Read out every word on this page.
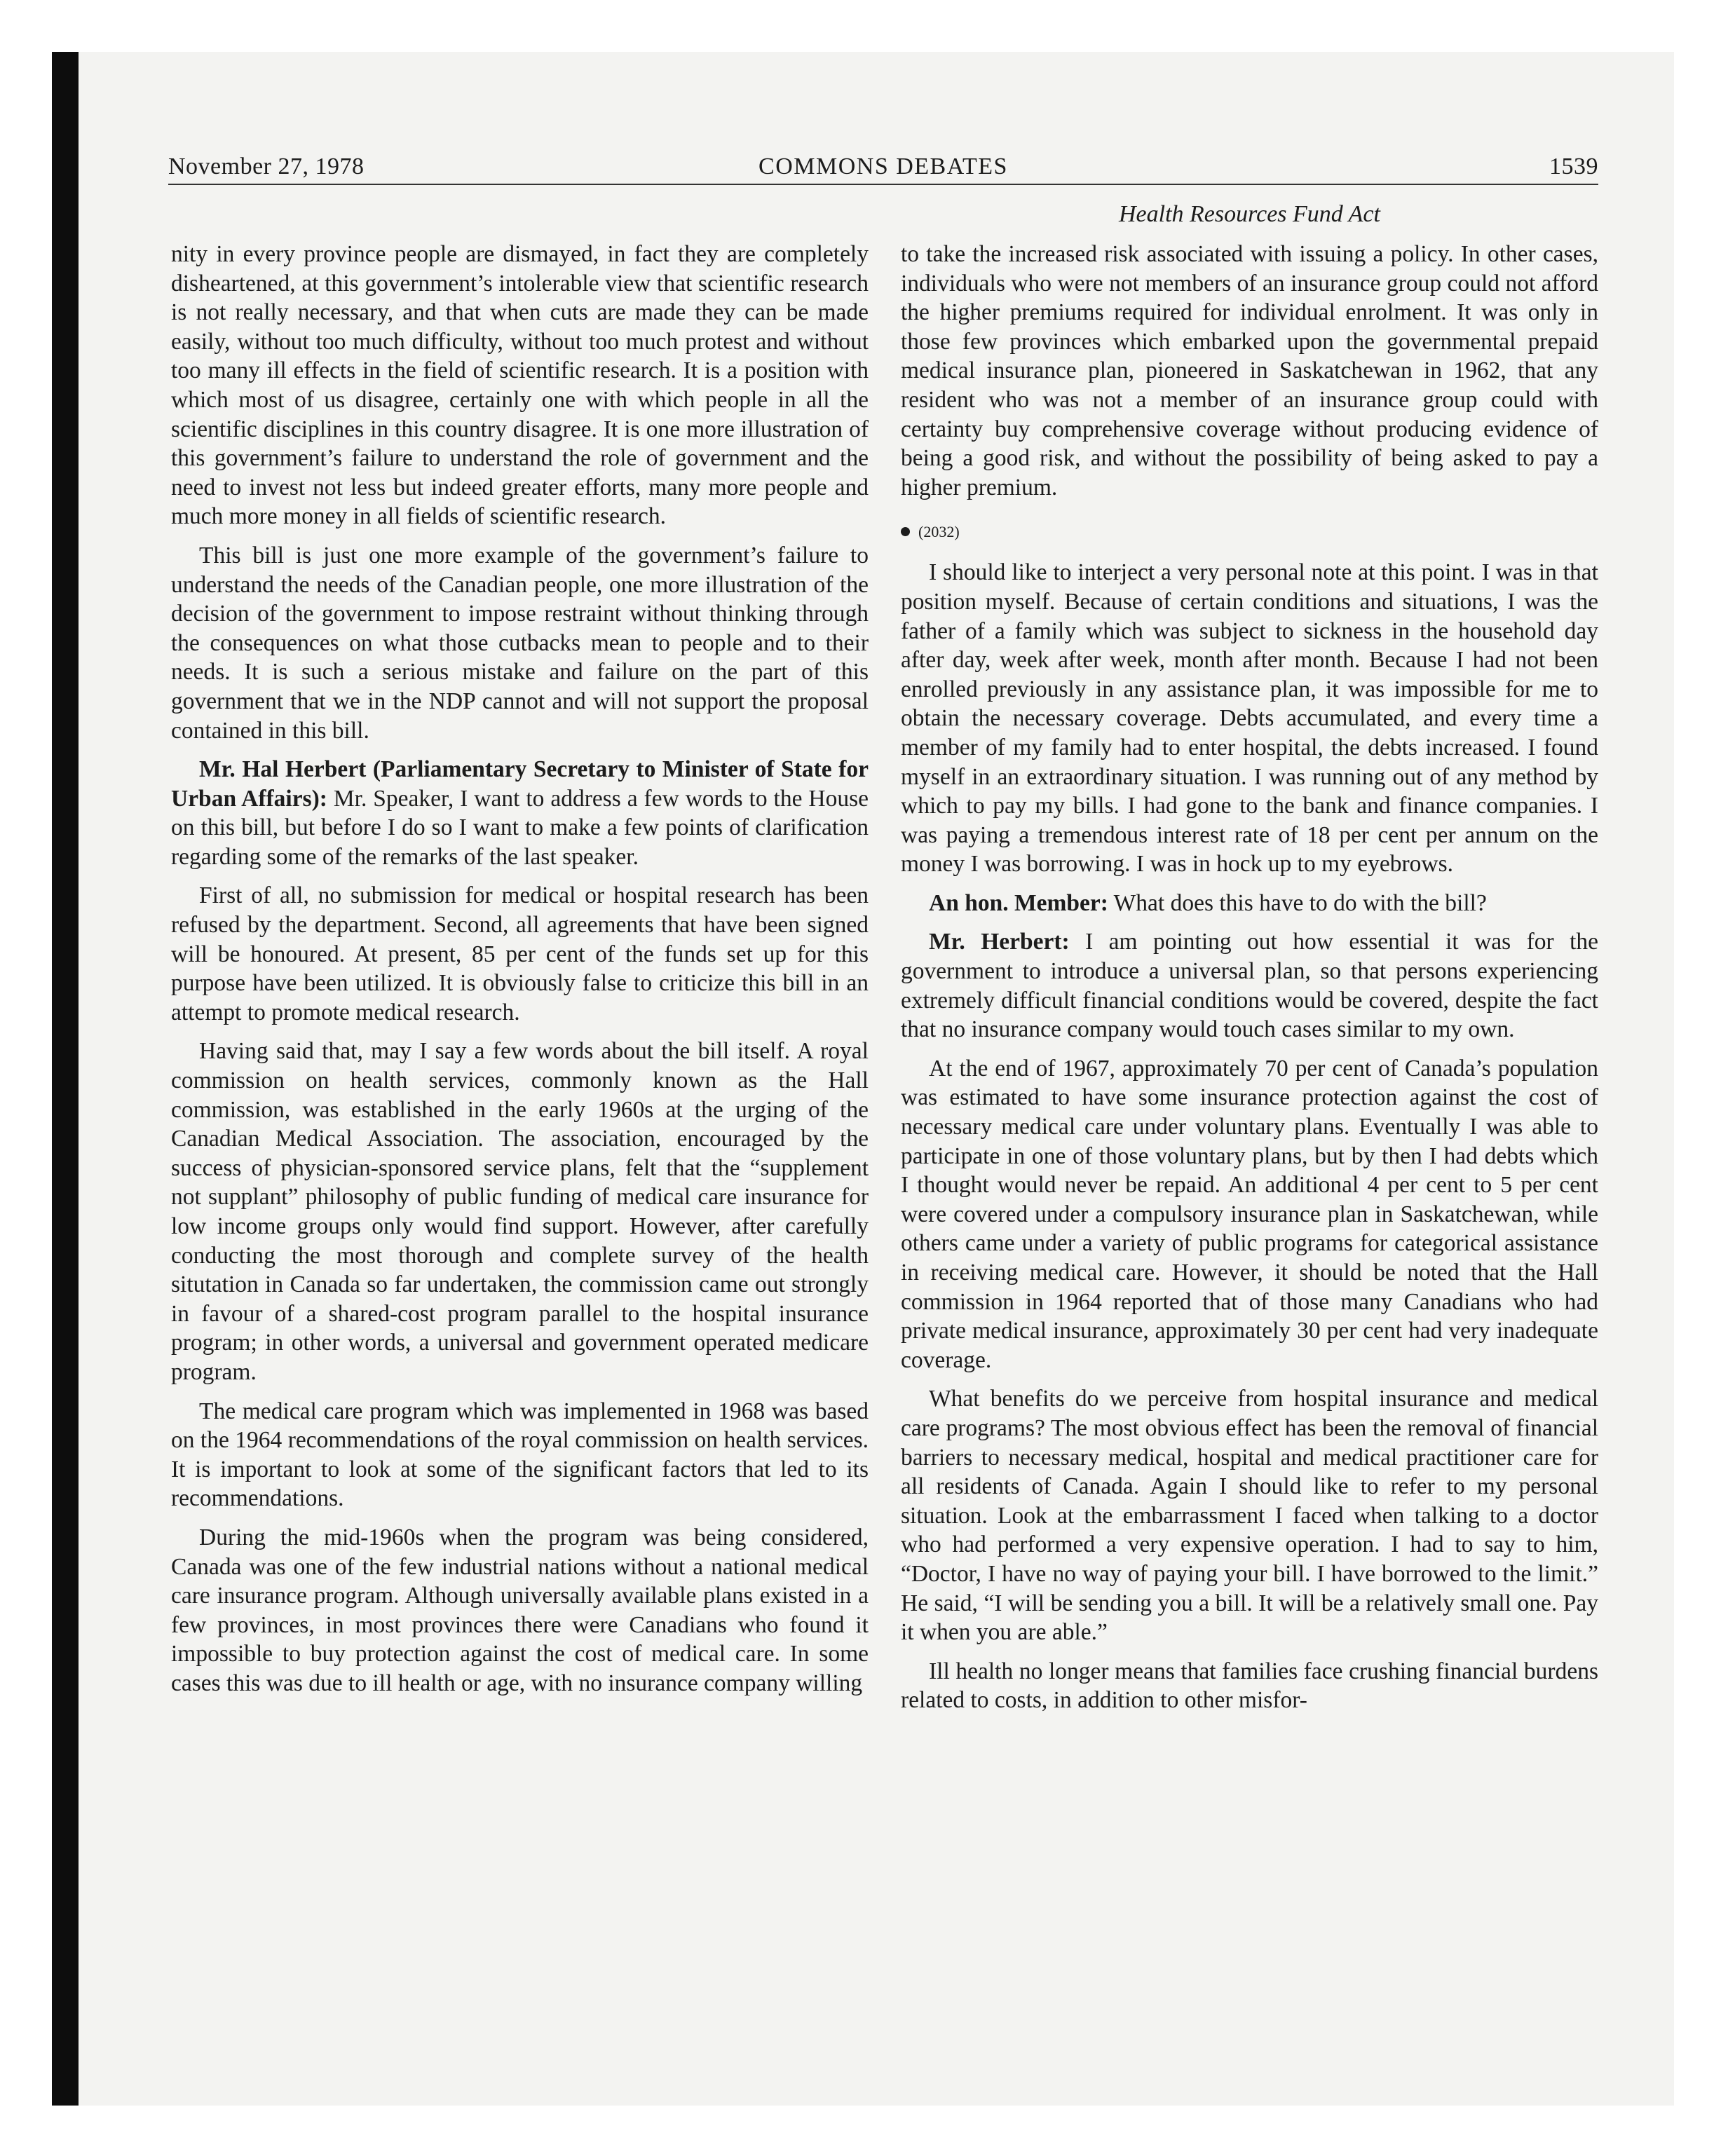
November 27, 1978	COMMONS DEBATES	1539
Health Resources Fund Act

nity in every province people are dismayed, in fact they are completely disheartened, at this government’s intolerable view that scientific research is not really necessary, and that when cuts are made they can be made easily, without too much difficulty, without too much protest and without too many ill effects in the field of scientific research. It is a position with which most of us disagree, certainly one with which people in all the scientific disciplines in this country disagree. It is one more illustration of this government’s failure to understand the role of government and the need to invest not less but indeed greater efforts, many more people and much more money in all fields of scientific research.

This bill is just one more example of the government’s failure to understand the needs of the Canadian people, one more illustration of the decision of the government to impose restraint without thinking through the consequences on what those cutbacks mean to people and to their needs. It is such a serious mistake and failure on the part of this government that we in the NDP cannot and will not support the proposal contained in this bill.

Mr. Hal Herbert (Parliamentary Secretary to Minister of State for Urban Affairs): Mr. Speaker, I want to address a few words to the House on this bill, but before I do so I want to make a few points of clarification regarding some of the remarks of the last speaker.

First of all, no submission for medical or hospital research has been refused by the department. Second, all agreements that have been signed will be honoured. At present, 85 per cent of the funds set up for this purpose have been utilized. It is obviously false to criticize this bill in an attempt to promote medical research.

Having said that, may I say a few words about the bill itself. A royal commission on health services, commonly known as the Hall commission, was established in the early 1960s at the urging of the Canadian Medical Association. The association, encouraged by the success of physician-sponsored service plans, felt that the “supplement not supplant” philosophy of public funding of medical care insurance for low income groups only would find support. However, after carefully conducting the most thorough and complete survey of the health situtation in Canada so far undertaken, the commission came out strongly in favour of a shared-cost program parallel to the hospital insurance program; in other words, a universal and government operated medicare program.

The medical care program which was implemented in 1968 was based on the 1964 recommendations of the royal commission on health services. It is important to look at some of the significant factors that led to its recommendations.

During the mid-1960s when the program was being considered, Canada was one of the few industrial nations without a national medical care insurance program. Although universally available plans existed in a few provinces, in most provinces there were Canadians who found it impossible to buy protection against the cost of medical care. In some cases this was due to ill health or age, with no insurance company willing

to take the increased risk associated with issuing a policy. In other cases, individuals who were not members of an insurance group could not afford the higher premiums required for individual enrolment. It was only in those few provinces which embarked upon the governmental prepaid medical insurance plan, pioneered in Saskatchewan in 1962, that any resident who was not a member of an insurance group could with certainty buy comprehensive coverage without producing evidence of being a good risk, and without the possibility of being asked to pay a higher premium.

(2032)

I should like to interject a very personal note at this point. I was in that position myself. Because of certain conditions and situations, I was the father of a family which was subject to sickness in the household day after day, week after week, month after month. Because I had not been enrolled previously in any assistance plan, it was impossible for me to obtain the necessary coverage. Debts accumulated, and every time a member of my family had to enter hospital, the debts increased. I found myself in an extraordinary situation. I was running out of any method by which to pay my bills. I had gone to the bank and finance companies. I was paying a tremendous interest rate of 18 per cent per annum on the money I was borrowing. I was in hock up to my eyebrows.

An hon. Member: What does this have to do with the bill?

Mr. Herbert: I am pointing out how essential it was for the government to introduce a universal plan, so that persons experiencing extremely difficult financial conditions would be covered, despite the fact that no insurance company would touch cases similar to my own.

At the end of 1967, approximately 70 per cent of Canada’s population was estimated to have some insurance protection against the cost of necessary medical care under voluntary plans. Eventually I was able to participate in one of those voluntary plans, but by then I had debts which I thought would never be repaid. An additional 4 per cent to 5 per cent were covered under a compulsory insurance plan in Saskatchewan, while others came under a variety of public programs for categorical assistance in receiving medical care. However, it should be noted that the Hall commission in 1964 reported that of those many Canadians who had private medical insurance, approximately 30 per cent had very inadequate coverage.

What benefits do we perceive from hospital insurance and medical care programs? The most obvious effect has been the removal of financial barriers to necessary medical, hospital and medical practitioner care for all residents of Canada. Again I should like to refer to my personal situation. Look at the embarrassment I faced when talking to a doctor who had performed a very expensive operation. I had to say to him, “Doctor, I have no way of paying your bill. I have borrowed to the limit.” He said, “I will be sending you a bill. It will be a relatively small one. Pay it when you are able.”

Ill health no longer means that families face crushing financial burdens related to costs, in addition to other misfor-
